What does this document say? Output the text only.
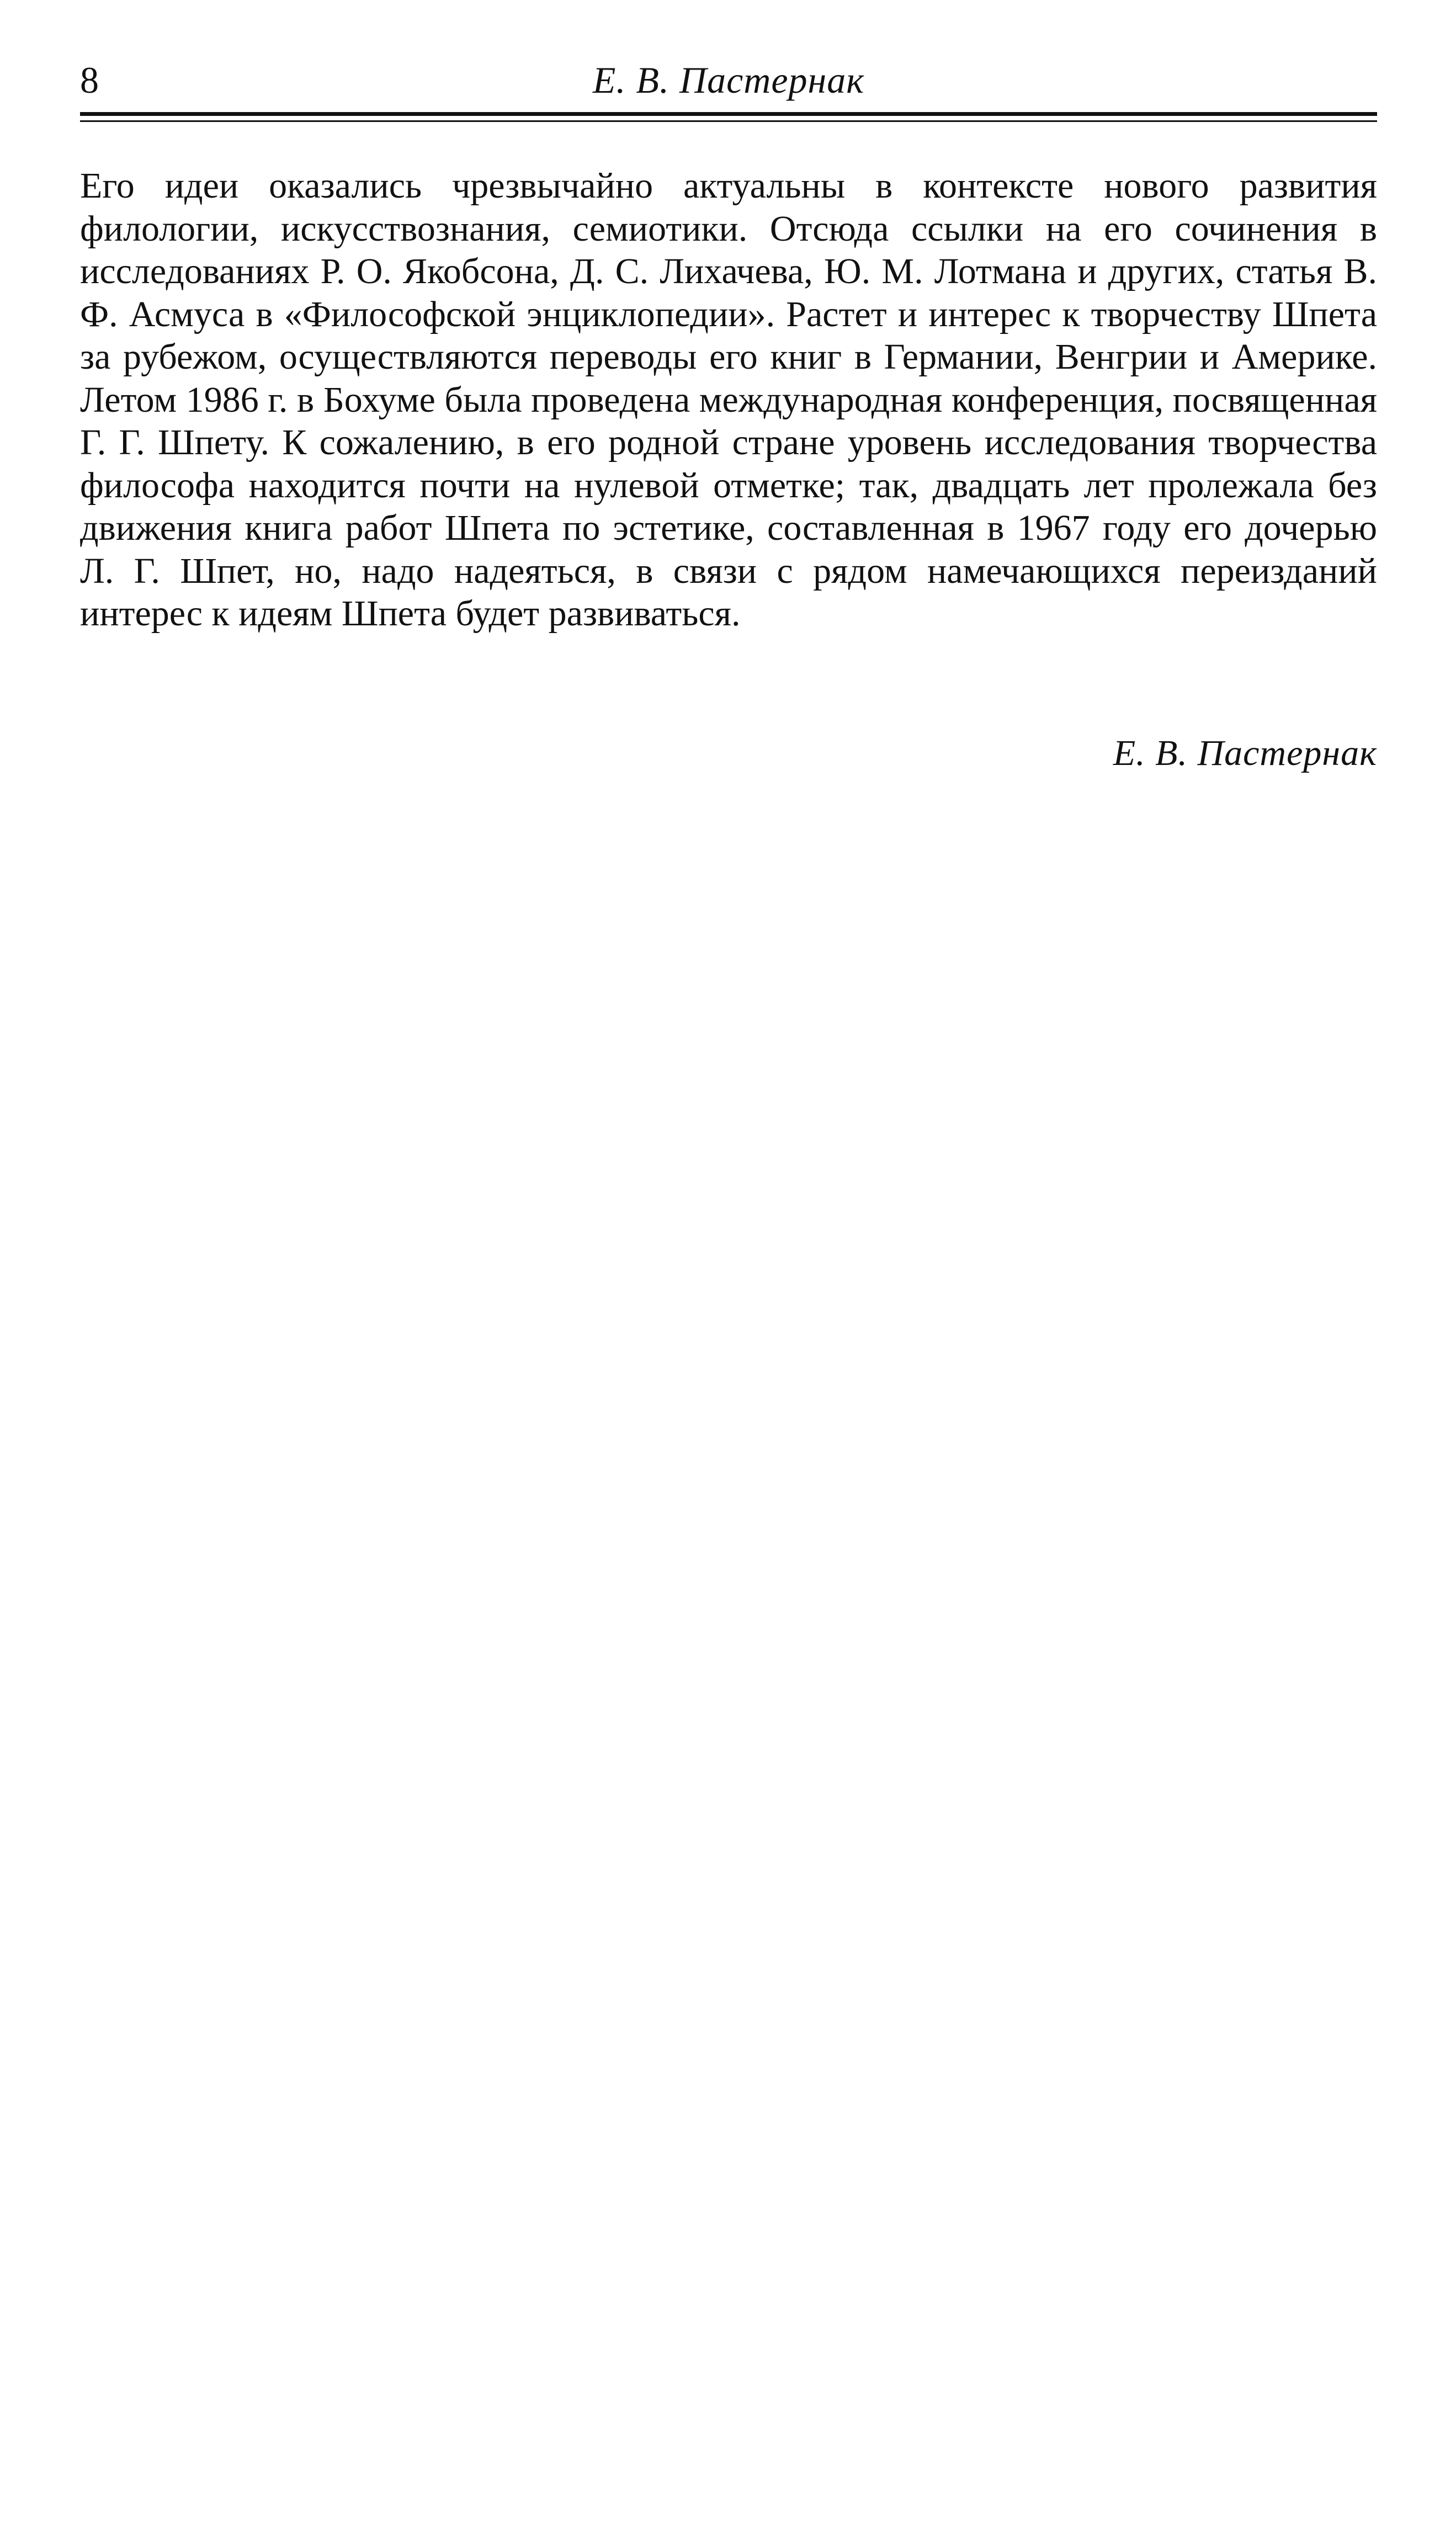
8	Е. В. Пастернак

Его идеи оказались чрезвычайно актуальны в контексте нового развития филологии, искусствознания, семиотики. Отсюда ссылки на его сочинения в исследованиях Р. О. Якобсона, Д. С. Лихачева, Ю. М. Лотмана и других, статья В. Ф. Асмуса в «Философской энциклопедии». Растет и интерес к творчеству Шпета за рубежом, осуществляются переводы его книг в Германии, Венгрии и Америке. Летом 1986 г. в Бохуме была проведена международная конференция, посвященная Г. Г. Шпету. К сожалению, в его родной стране уровень исследования творчества философа находится почти на нулевой отметке; так, двадцать лет пролежала без движения книга работ Шпета по эстетике, составленная в 1967 году его дочерью Л. Г. Шпет, но, надо надеяться, в связи с рядом намечающихся переизданий интерес к идеям Шпета будет развиваться.

Е. В. Пастернак
